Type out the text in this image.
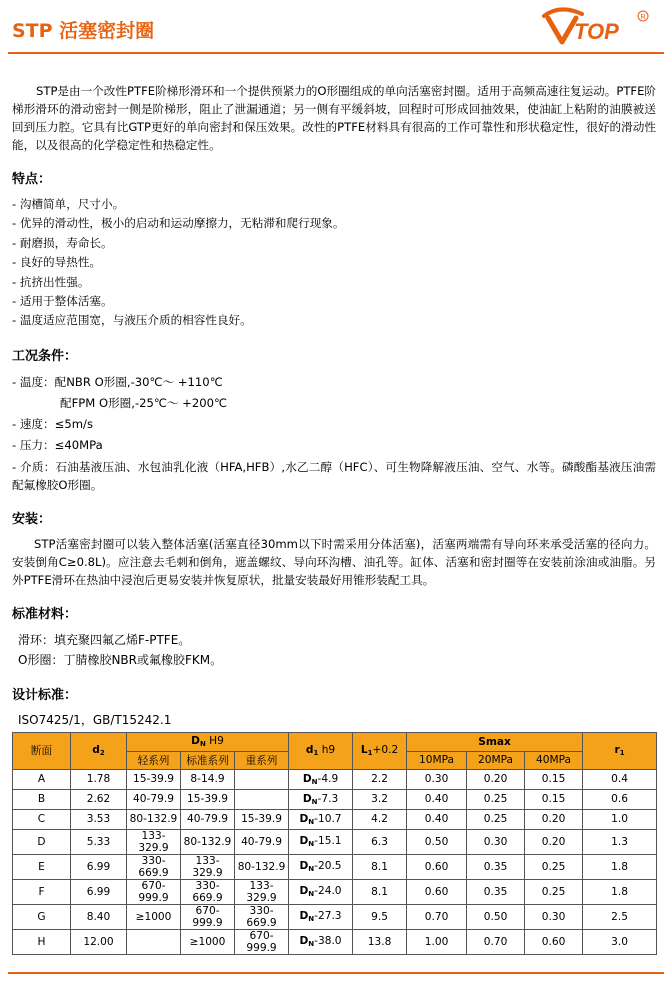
STP 活塞密封圈	TOP
R

STP是由一个改性PTFE阶梯形滑环和一个提供预紧力的O形圈组成的单向活塞密封圈。适用于高频高速往复运动。PTFE阶梯形滑环的滑动密封一侧是阶梯形，阻止了泄漏通道；另一侧有平缓斜坡，回程时可形成回抽效果，使油缸上粘附的油膜被送回到压力腔。它具有比GTP更好的单向密封和保压效果。改性的PTFE材料具有很高的工作可靠性和形状稳定性，很好的滑动性能，以及很高的化学稳定性和热稳定性。

特点：
- 沟槽简单，尺寸小。
- 优异的滑动性，极小的启动和运动摩擦力，无粘滞和爬行现象。
- 耐磨损，寿命长。
- 良好的导热性。
- 抗挤出性强。
- 适用于整体活塞。
- 温度适应范围宽，与液压介质的相容性良好。
工况条件：
- 温度：配NBR O形圈,-30℃～ +110℃
配FPM O形圈,-25℃～ +200℃
- 速度：≤5m/s
- 压力：≤40MPa
- 介质：石油基液压油、水包油乳化液（HFA,HFB）,水乙二醇（HFC）、可生物降解液压油、空气、水等。磷酸酯基液压油需配氟橡胶O形圈。
安装：

STP活塞密封圈可以装入整体活塞(活塞直径30mm以下时需采用分体活塞)，活塞两端需有导向环来承受活塞的径向力。安装倒角C≥0.8L)。应注意去毛刺和倒角，遮盖螺纹、导向环沟槽、油孔等。缸体、活塞和密封圈等在安装前涂油或油脂。另外PTFE滑环在热油中浸泡后更易安装并恢复原状，批量安装最好用锥形装配工具。

标准材料：
滑环：填充聚四氟乙烯F-PTFE。
O形圈：丁腈橡胶NBR或氟橡胶FKM。
设计标准：
ISO7425/1，GB/T15242.1
断面	$d_2$	$D_N$ H9			$d_1$ h9	$L_1+0.2$	Smax			$r_1$
		轻系列	标准系列	重系列			10MPa	20MPa	40MPa	
A	1.78	15-39.9	8-14.9		$D_N-4.9$	2.2	0.30	0.20	0.15	0.4
B	2.62	40-79.9	15-39.9		$D_N-7.3$	3.2	0.40	0.25	0.15	0.6
C	3.53	80-132.9	40-79.9	15-39.9	$D_N-10.7$	4.2	0.40	0.25	0.20	1.0
D	5.33	133-329.9	80-132.9	40-79.9	$D_N-15.1$	6.3	0.50	0.30	0.20	1.3
E	6.99	330-669.9	133-329.9	80-132.9	$D_N-20.5$	8.1	0.60	0.35	0.25	1.8
F	6.99	670-999.9	330-669.9	133-329.9	$D_N-24.0$	8.1	0.60	0.35	0.25	1.8
G	8.40	≥1000	670-999.9	330-669.9	$D_N-27.3$	9.5	0.70	0.50	0.30	2.5
H	12.00		≥1000	670-999.9	$D_N-38.0$	13.8	1.00	0.70	0.60	3.0
